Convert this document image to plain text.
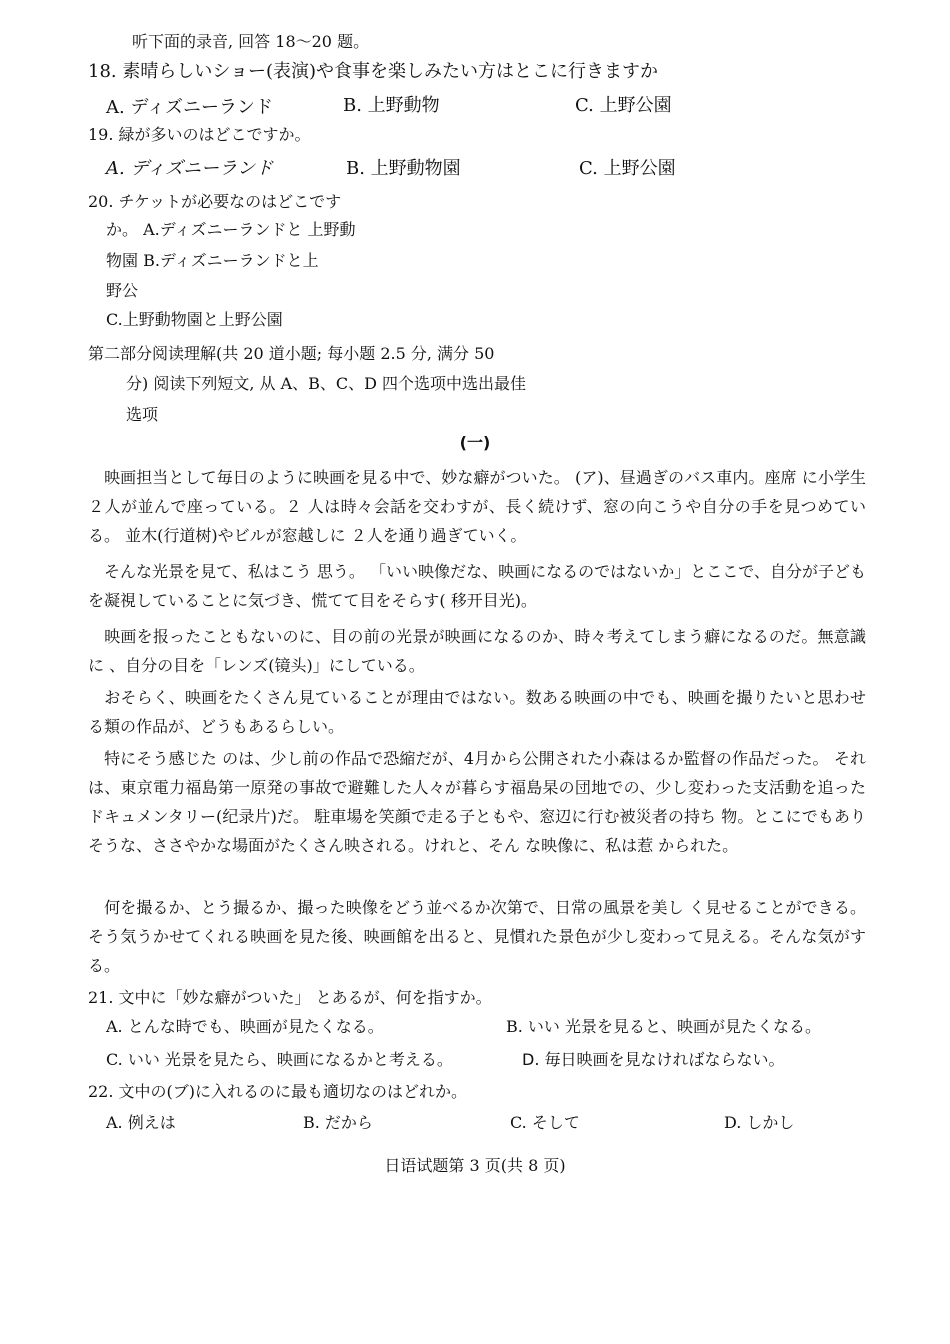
听下面的录音, 回答 18～20 题。
18. 素晴らしいショー(表演)や食事を楽しみたい方はとこに行きますか
A. ディズニーランド	B. 上野動物	C. 上野公園
19. 緑が多いのはどこですか。
A. ディズニーランド	B. 上野動物園	C. 上野公園
20. チケットが必要なのはどこです
か。 A.ディズニーランドと 上野動
物園 B.ディズニーランドと上
野公
C.上野動物園と上野公園
第二部分阅读理解(共 20 道小题; 每小题 2.5 分, 满分 50
分) 阅读下列短文, 从 A、B、C、D 四个选项中选出最佳
选项
(一)
映画担当として毎日のように映画を見る中で、妙な癖がついた。 (ア)、昼過ぎのバス車内。座席 に小学生２人が並んで座っている。２ 人は時々会話を交わすが、長く続けず、窓の向こうや自分の手を見つめている。 並木(行道树)やビルが窓越しに ２人を通り過ぎていく。
そんな光景を見て、私はこう 思う。 「いい映像だな、映画になるのではないか」とここで、自分が子どもを凝視していることに気づき、慌てて目をそらす( 移开目光)。
映画を报ったこともないのに、目の前の光景が映画になるのか、時々考えてしまう癖になるのだ。無意識に 、自分の目を「レンズ(镜头)」にしている。
おそらく、映画をたくさん見ていることが理由ではない。数ある映画の中でも、映画を撮りたいと思わせる類の作品が、どうもあるらしい。
特にそう感じた のは、少し前の作品で恐縮だが、4月から公開された小森はるか監督の作品だった。 それは、東京電力福島第一原発の事故で避難した人々が暮らす福島杲の団地での、少し変わった支活動を追ったドキュメンタリー(纪录片)だ。 駐車場を笑顔で走る子ともや、窓辺に行む被災者の持ち 物。とこにでもありそうな、ささやかな場面がたくさん映される。けれと、そん な映像に、私は惹 かられた。
何を撮るか、とう撮るか、撮った映像をどう並べるか次第で、日常の風景を美し く見せることができる。そう気うかせてくれる映画を見た後、映画館を出ると、見慣れた景色が少し変わって見える。そんな気がする。
21. 文中に「妙な癖がついた」 とあるが、何を指すか。
A. とんな時でも、映画が見たくなる。	B. いい 光景を見ると、映画が見たくなる。
C. いい 光景を見たら、映画になるかと考える。	D. 毎日映画を見なければならない。
22. 文中の(ブ)に入れるのに最も適切なのはどれか。
A. 例えは	B. だから	C. そして	D. しかし
日语试题第 3 页(共 8 页)
